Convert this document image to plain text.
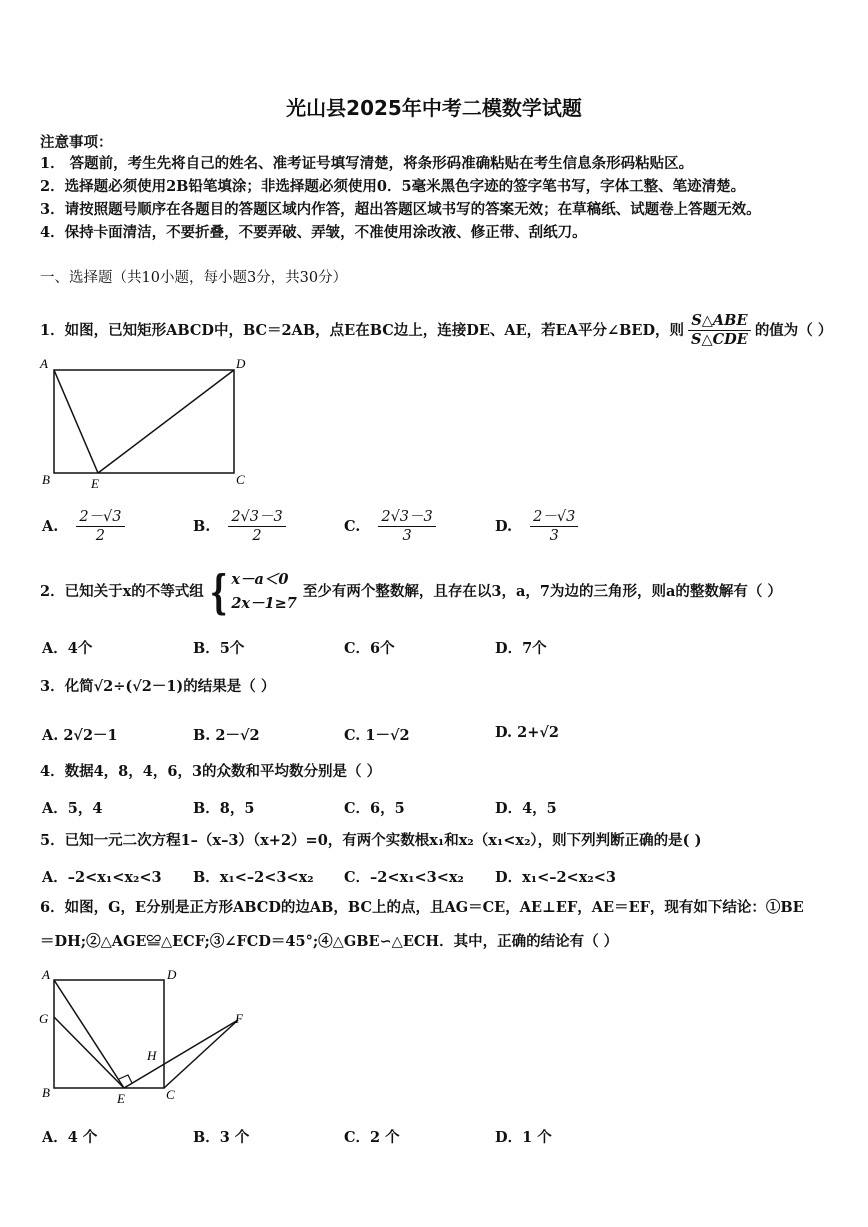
光山县2025年中考二模数学试题
注意事项：
1． 答题前，考生先将自己的姓名、准考证号填写清楚，将条形码准确粘贴在考生信息条形码粘贴区。
2．选择题必须使用2B铅笔填涂；非选择题必须使用0．5毫米黑色字迹的签字笔书写，字体工整、笔迹清楚。
3．请按照题号顺序在各题目的答题区域内作答，超出答题区域书写的答案无效；在草稿纸、试题卷上答题无效。
4．保持卡面清洁，不要折叠，不要弄破、弄皱，不准使用涂改液、修正带、刮纸刀。
一、选择题（共10小题，每小题3分，共30分）
1．如图，已知矩形ABCD中，BC＝2AB，点E在BC边上，连接DE、AE，若EA平分∠BED，则 $\frac{\text{S△ABE}}{\text{S△CDE}}$ 的值为（ ）
A	D
B	C
E
A. $\frac{2-√3}{2}$	B. $\frac{2√3-3}{2}$	C. $\frac{2√3-3}{3}$	D. $\frac{2-√3}{3}$
2．已知关于x的不等式组 { x－a＜0
2x－1≥7
至少有两个整数解，且存在以3，a，7为边的三角形，则a的整数解有（ ）
A．4个	B．5个	C．6个	D．7个
3．化简√2÷(√2－1)的结果是（ ）
A. 2√2－1	B. 2－√2	C. 1－√2	D. 2+√2
4．数据4，8，4，6，3的众数和平均数分别是（ ）
A．5，4	B．8，5	C．6，5	D．4，5
5．已知一元二次方程1–（x–3）（x+2）=0，有两个实数根x₁和x₂（x₁<x₂），则下列判断正确的是( )
A．–2<x₁<x₂<3 B．x₁<–2<3<x₂ C．–2<x₁<3<x₂ D．x₁<–2<x₂<3
6．如图，G，E分别是正方形ABCD的边AB，BC上的点，且AG＝CE，AE⊥EF，AE＝EF，现有如下结论：①BE
＝DH;②△AGE≌△ECF;③∠FCD＝45°;④△GBE∽△ECH．其中，正确的结论有（ ）
A	D
G	F
H
B	E	C
A．4 个	B．3 个	C．2 个	D．1 个
